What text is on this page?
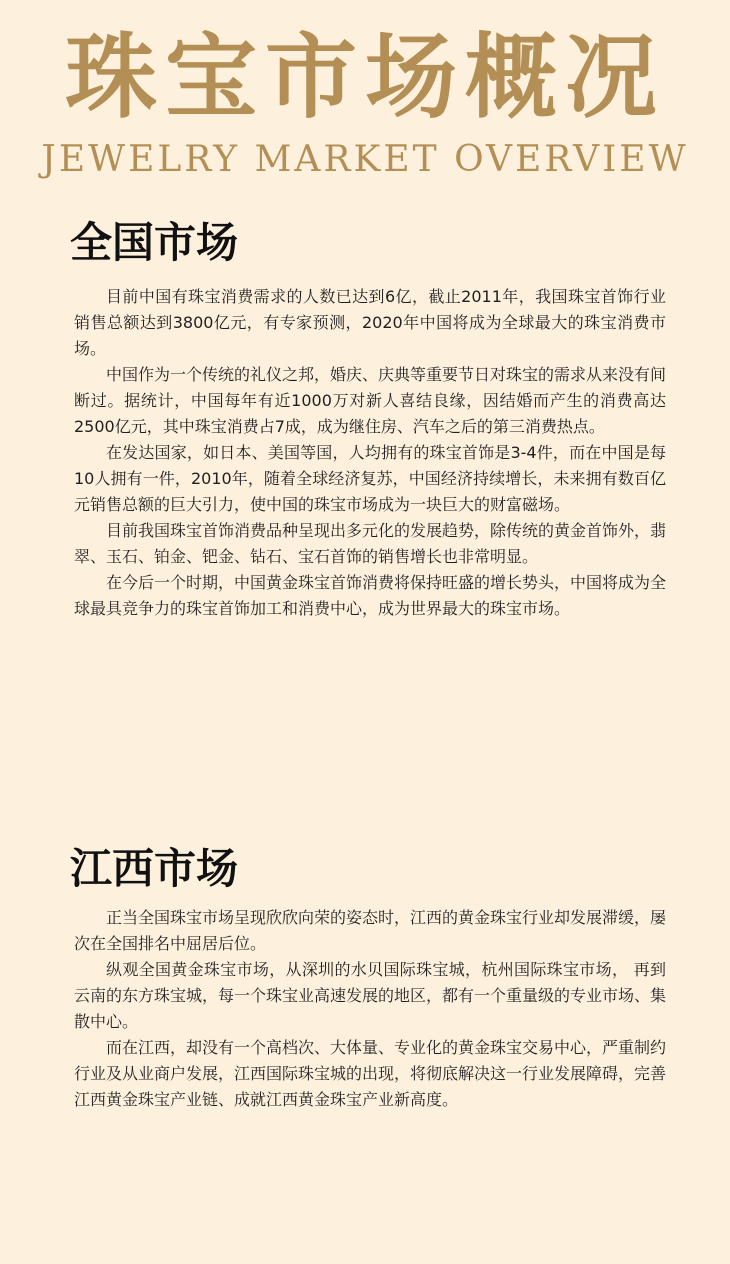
珠宝市场概况
JEWELRY MARKET OVERVIEW
全国市场

目前中国有珠宝消费需求的人数已达到6亿，截止2011年，我国珠宝首饰行业销售总额达到3800亿元，有专家预测，2020年中国将成为全球最大的珠宝消费市场。

中国作为一个传统的礼仪之邦，婚庆、庆典等重要节日对珠宝的需求从来没有间断过。据统计，中国每年有近1000万对新人喜结良缘，因结婚而产生的消费高达2500亿元，其中珠宝消费占7成，成为继住房、汽车之后的第三消费热点。

在发达国家，如日本、美国等国，人均拥有的珠宝首饰是3-4件，而在中国是每10人拥有一件，2010年，随着全球经济复苏，中国经济持续增长，未来拥有数百亿元销售总额的巨大引力，使中国的珠宝市场成为一块巨大的财富磁场。

目前我国珠宝首饰消费品种呈现出多元化的发展趋势，除传统的黄金首饰外，翡翠、玉石、铂金、钯金、钻石、宝石首饰的销售增长也非常明显。

在今后一个时期，中国黄金珠宝首饰消费将保持旺盛的增长势头，中国将成为全球最具竞争力的珠宝首饰加工和消费中心，成为世界最大的珠宝市场。

江西市场

正当全国珠宝市场呈现欣欣向荣的姿态时，江西的黄金珠宝行业却发展滞缓，屡次在全国排名中屈居后位。

纵观全国黄金珠宝市场，从深圳的水贝国际珠宝城，杭州国际珠宝市场， 再到云南的东方珠宝城，每一个珠宝业高速发展的地区，都有一个重量级的专业市场、集散中心。

而在江西，却没有一个高档次、大体量、专业化的黄金珠宝交易中心，严重制约行业及从业商户发展，江西国际珠宝城的出现，将彻底解决这一行业发展障碍，完善江西黄金珠宝产业链、成就江西黄金珠宝产业新高度。
